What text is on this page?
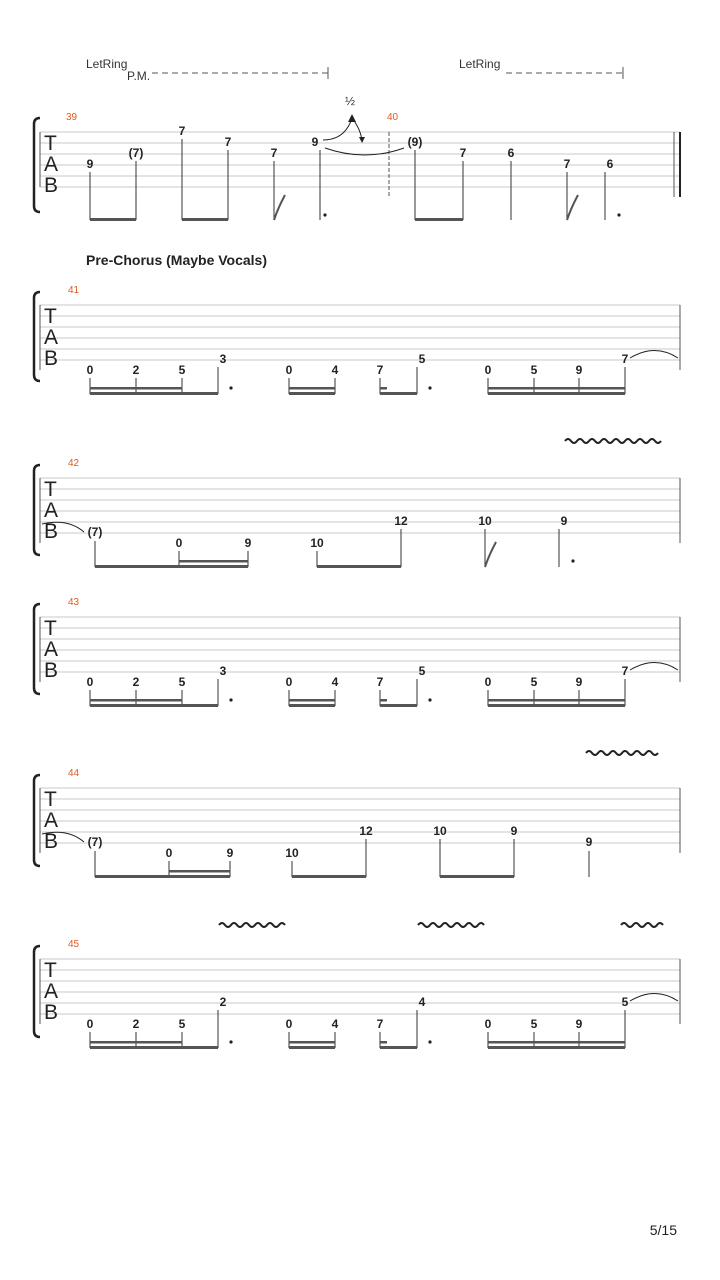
LetRing
P.M.
LetRing
T
A
B
39	40
9
(7)
7
7
7
9	(9)
7	6
7	6
½
Pre-Chorus (Maybe Vocals)
T
A
B
41
0	2	5
3
0	4	7
5
0	5	9
7
T
A
B
42
(7)
0	9	10
12	10	9
T
A
B
43
0	2	5
3
0	4	7
5
0	5	9
7
T
A
B
44
(7)
0	9	10
12	10	9
9
T
A
B
45
0	2	5
2
0	4	7
4
0	5	9
5
5/15
